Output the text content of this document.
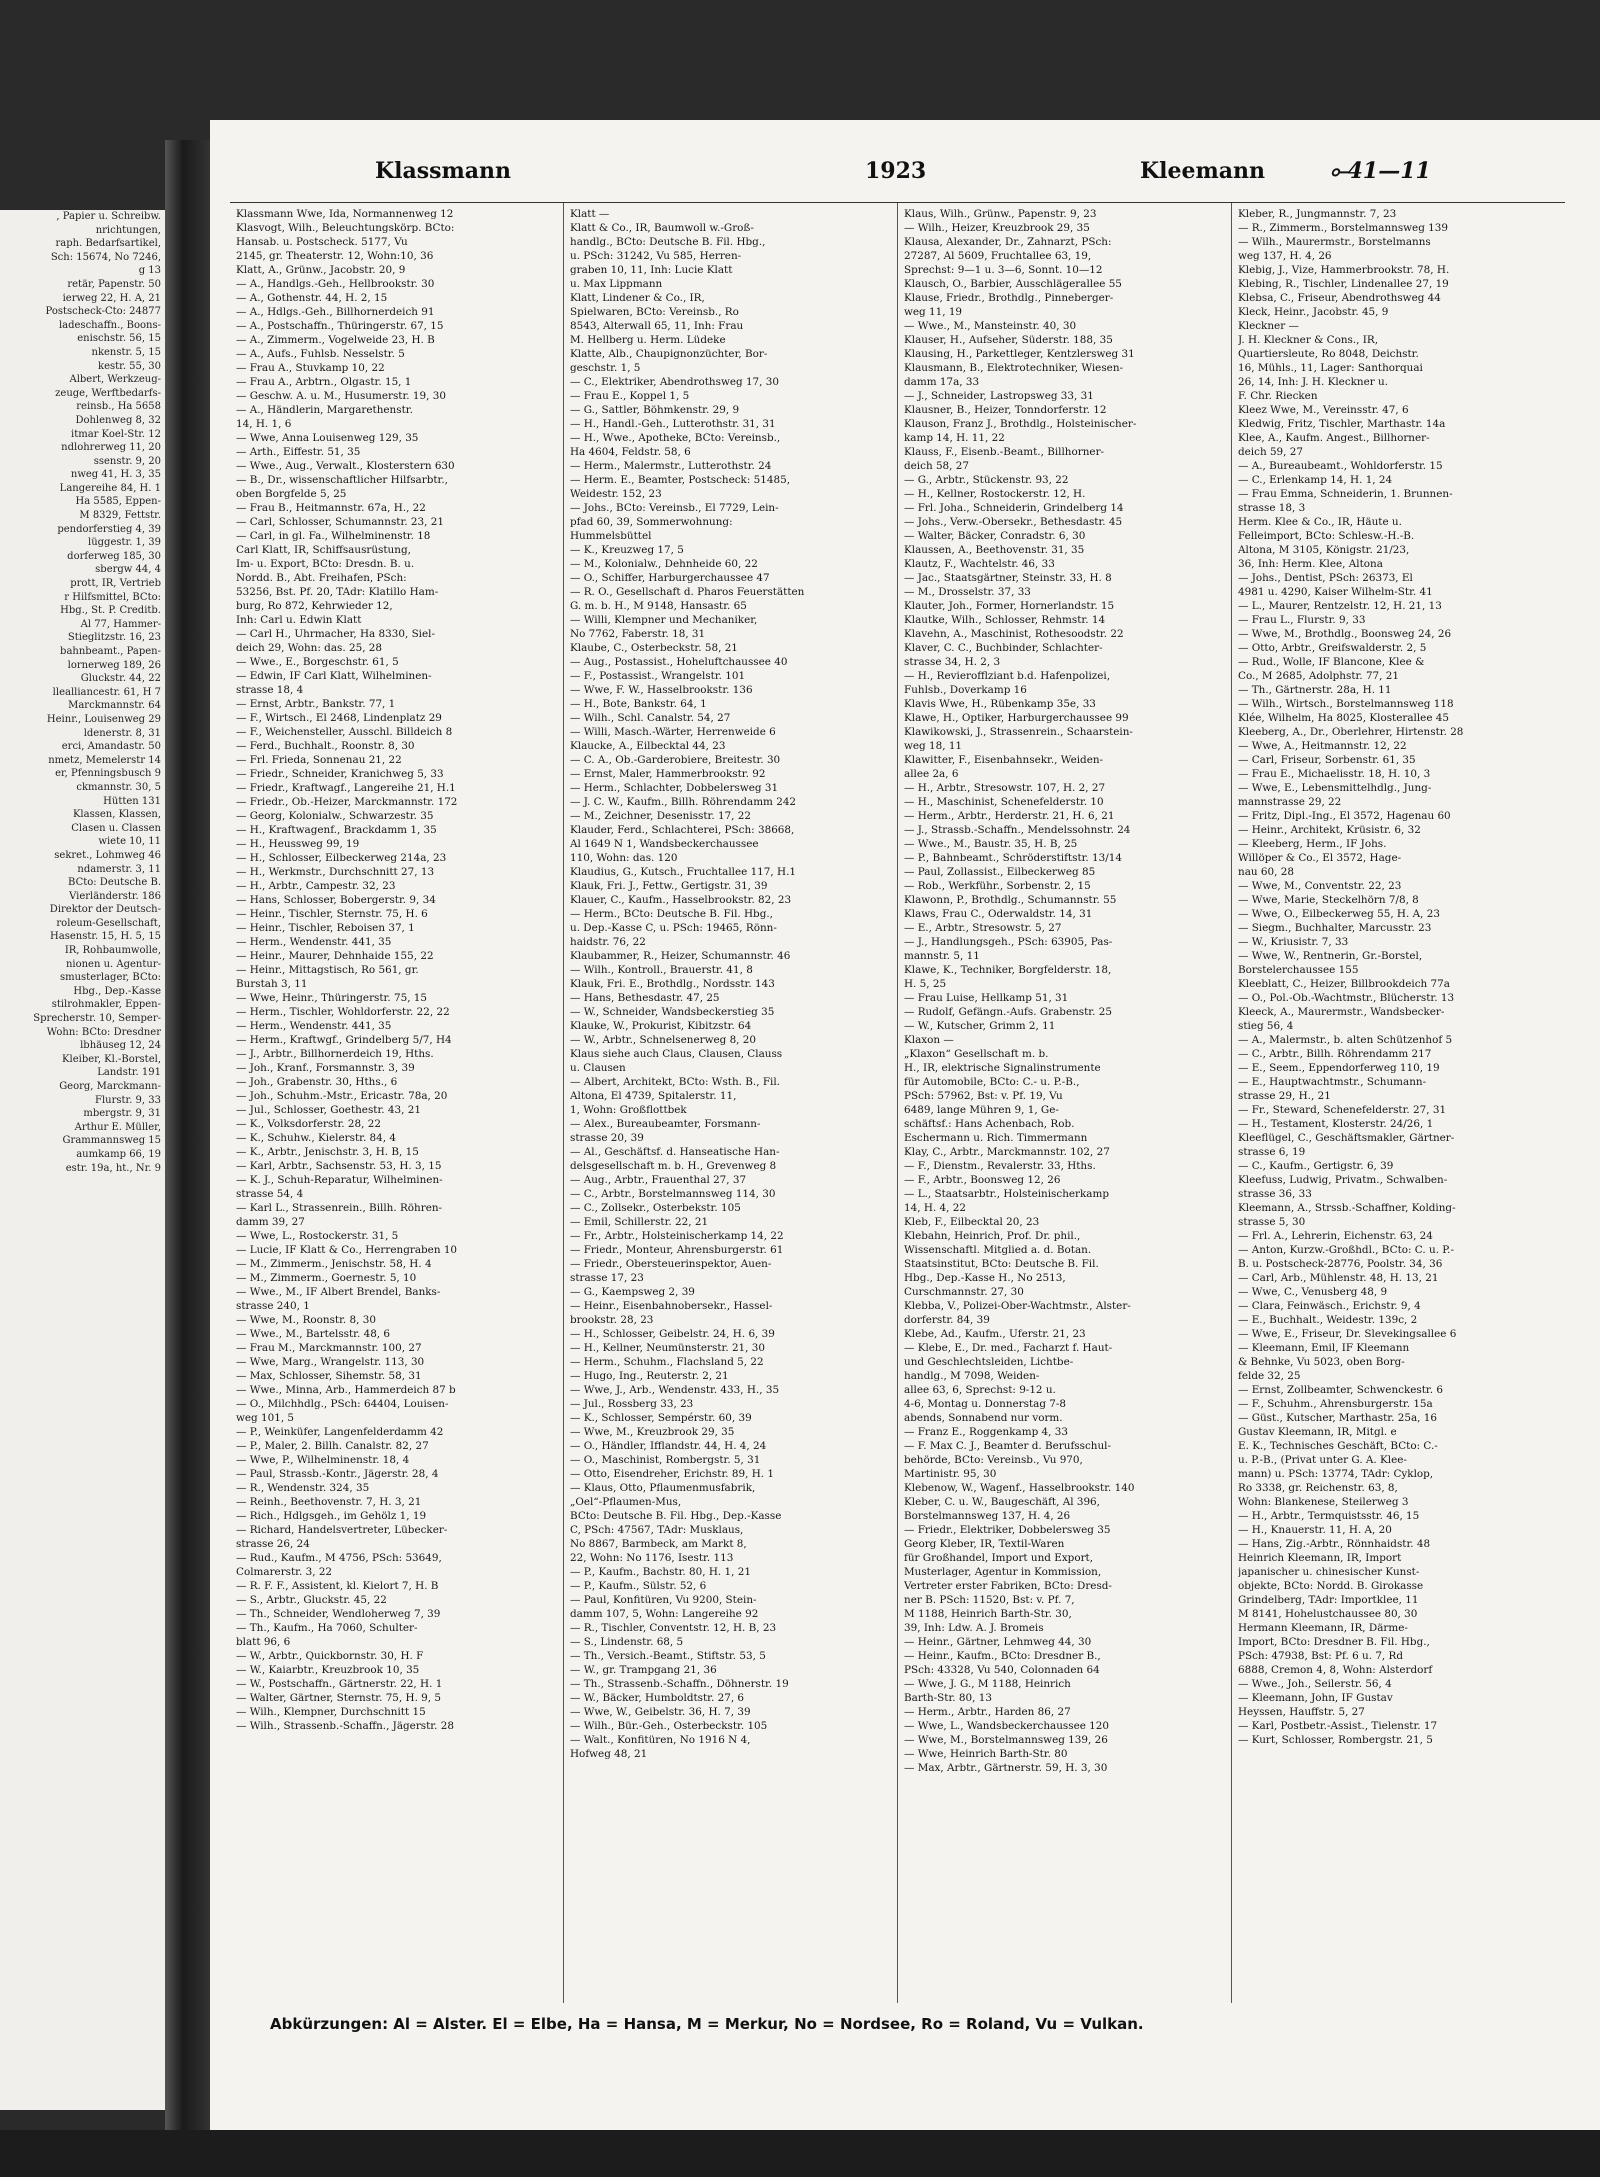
, Papier u. Schreibw.
nrichtungen,
raph. Bedarfsartikel,
Sch: 15674, No 7246,
g 13
retär, Papenstr. 50
ierweg 22, H. A, 21
Postscheck-Cto: 24877
ladeschaffn., Boons-
enischstr. 56, 15
nkenstr. 5, 15
kestr. 55, 30
Albert, Werkzeug-
zeuge, Werftbedarfs-
reinsb., Ha 5658
Dohlenweg 8, 32
itmar Koel-Str. 12
ndlohrerweg 11, 20
ssenstr. 9, 20
nweg 41, H. 3, 35
Langereihe 84, H. 1
Ha 5585, Eppen-
M 8329, Fettstr.
pendorferstieg 4, 39
lüggestr. 1, 39
dorferweg 185, 30
sbergw 44, 4
prott, IR, Vertrieb
r Hilfsmittel, BCto:
Hbg., St. P. Creditb.
Al 77, Hammer-
Stieglitzstr. 16, 23
bahnbeamt., Papen-
lornerweg 189, 26
Gluckstr. 44, 22
llealliancestr. 61, H 7
Marckmannstr. 64
Heinr., Louisenweg 29
ldenerstr. 8, 31
erci, Amandastr. 50
nmetz, Memelerstr 14
er, Pfenningsbusch 9
ckmannstr. 30, 5
Hütten 131
Klassen, Klassen,
Clasen u. Classen
wiete 10, 11
sekret., Lohmweg 46
ndamerstr. 3, 11
BCto: Deutsche B.
Vierländerstr. 186
Direktor der Deutsch-
roleum-Gesellschaft,
Hasenstr. 15, H. 5, 15
IR, Rohbaumwolle,
nionen u. Agentur-
smusterlager, BCto:
Hbg., Dep.-Kasse
stilrohmakler, Eppen-
Sprecherstr. 10, Semper-
Wohn: BCto: Dresdner
lbhäuseg 12, 24
Kleiber, Kl.-Borstel,
Landstr. 191
Georg, Marckmann-
Flurstr. 9, 33
mbergstr. 9, 31
Arthur E. Müller,
Grammannsweg 15
aumkamp 66, 19
estr. 19a, ht., Nr. 9
Klassmann	1923	Kleemann	⟜41—11
Klassmann Wwe, Ida, Normannenweg 12
Klasvogt, Wilh., Beleuchtungskörp. BCto:
Hansab. u. Postscheck. 5177, Vu
2145, gr. Theaterstr. 12, Wohn:10, 36
Klatt, A., Grünw., Jacobstr. 20, 9
— A., Handlgs.-Geh., Hellbrookstr. 30
— A., Gothenstr. 44, H. 2, 15
— A., Hdlgs.-Geh., Billhornerdeich 91
— A., Postschaffn., Thüringerstr. 67, 15
— A., Zimmerm., Vogelweide 23, H. B
— A., Aufs., Fuhlsb. Nesselstr. 5
— Frau A., Stuvkamp 10, 22
— Frau A., Arbtrn., Olgastr. 15, 1
— Geschw. A. u. M., Husumerstr. 19, 30
— A., Händlerin, Margarethenstr.
14, H. 1, 6
— Wwe, Anna Louisenweg 129, 35
— Arth., Eiffestr. 51, 35
— Wwe., Aug., Verwalt., Klosterstern 630
— B., Dr., wissenschaftlicher Hilfsarbtr.,
oben Borgfelde 5, 25
— Frau B., Heitmannstr. 67a, H., 22
— Carl, Schlosser, Schumannstr. 23, 21
— Carl, in gl. Fa., Wilhelminenstr. 18
Carl Klatt, IR, Schiffsausrüstung,
Im- u. Export, BCto: Dresdn. B. u.
Nordd. B., Abt. Freihafen, PSch:
53256, Bst. Pf. 20, TAdr: Klatillo Ham-
burg, Ro 872, Kehrwieder 12,
Inh: Carl u. Edwin Klatt
— Carl H., Uhrmacher, Ha 8330, Siel-
deich 29, Wohn: das. 25, 28
— Wwe., E., Borgeschstr. 61, 5
— Edwin, IF Carl Klatt, Wilhelminen-
strasse 18, 4
— Ernst, Arbtr., Bankstr. 77, 1
— F., Wirtsch., El 2468, Lindenplatz 29
— F., Weichensteller, Ausschl. Billdeich 8
— Ferd., Buchhalt., Roonstr. 8, 30
— Frl. Frieda, Sonnenau 21, 22
— Friedr., Schneider, Kranichweg 5, 33
— Friedr., Kraftwagf., Langereihe 21, H.1
— Friedr., Ob.-Heizer, Marckmannstr. 172
— Georg, Kolonialw., Schwarzestr. 35
— H., Kraftwagenf., Brackdamm 1, 35
— H., Heussweg 99, 19
— H., Schlosser, Eilbeckerweg 214a, 23
— H., Werkmstr., Durchschnitt 27, 13
— H., Arbtr., Campestr. 32, 23
— Hans, Schlosser, Bobergerstr. 9, 34
— Heinr., Tischler, Sternstr. 75, H. 6
— Heinr., Tischler, Reboisen 37, 1
— Herm., Wendenstr. 441, 35
— Heinr., Maurer, Dehnhaide 155, 22
— Heinr., Mittagstisch, Ro 561, gr.
Burstah 3, 11
— Wwe, Heinr., Thüringerstr. 75, 15
— Herm., Tischler, Wohldorferstr. 22, 22
— Herm., Wendenstr. 441, 35
— Herm., Kraftwgf., Grindelberg 5/7, H4
— J., Arbtr., Billhornerdeich 19, Hths.
— Joh., Kranf., Forsmannstr. 3, 39
— Joh., Grabenstr. 30, Hths., 6
— Joh., Schuhm.-Mstr., Ericastr. 78a, 20
— Jul., Schlosser, Goethestr. 43, 21
— K., Volksdorferstr. 28, 22
— K., Schuhw., Kielerstr. 84, 4
— K., Arbtr., Jenischstr. 3, H. B, 15
— Karl, Arbtr., Sachsenstr. 53, H. 3, 15
— K. J., Schuh-Reparatur, Wilhelminen-
strasse 54, 4
— Karl L., Strassenrein., Billh. Röhren-
damm 39, 27
— Wwe, L., Rostockerstr. 31, 5
— Lucie, IF Klatt & Co., Herrengraben 10
— M., Zimmerm., Jenischstr. 58, H. 4
— M., Zimmerm., Goernestr. 5, 10
— Wwe., M., IF Albert Brendel, Banks-
strasse 240, 1
— Wwe, M., Roonstr. 8, 30
— Wwe., M., Bartelsstr. 48, 6
— Frau M., Marckmannstr. 100, 27
— Wwe, Marg., Wrangelstr. 113, 30
— Max, Schlosser, Sihemstr. 58, 31
— Wwe., Minna, Arb., Hammerdeich 87 b
— O., Milchhdlg., PSch: 64404, Louisen-
weg 101, 5
— P., Weinküfer, Langenfelderdamm 42
— P., Maler, 2. Billh. Canalstr. 82, 27
— Wwe, P., Wilhelminenstr. 18, 4
— Paul, Strassb.-Kontr., Jägerstr. 28, 4
— R., Wendenstr. 324, 35
— Reinh., Beethovenstr. 7, H. 3, 21
— Rich., Hdlgsgeh., im Gehölz 1, 19
— Richard, Handelsvertreter, Lübecker-
strasse 26, 24
— Rud., Kaufm., M 4756, PSch: 53649,
Colmarerstr. 3, 22
— R. F. F., Assistent, kl. Kielort 7, H. B
— S., Arbtr., Gluckstr. 45, 22
— Th., Schneider, Wendloherweg 7, 39
— Th., Kaufm., Ha 7060, Schulter-
blatt 96, 6
— W., Arbtr., Quickbornstr. 30, H. F
— W., Kaiarbtr., Kreuzbrook 10, 35
— W., Postschaffn., Gärtnerstr. 22, H. 1
— Walter, Gärtner, Sternstr. 75, H. 9, 5
— Wilh., Klempner, Durchschnitt 15
— Wilh., Strassenb.-Schaffn., Jägerstr. 28
Klatt —
Klatt & Co., IR, Baumwoll w.-Groß-
handlg., BCto: Deutsche B. Fil. Hbg.,
u. PSch: 31242, Vu 585, Herren-
graben 10, 11, Inh: Lucie Klatt
u. Max Lippmann
Klatt, Lindener & Co., IR,
Spielwaren, BCto: Vereinsb., Ro
8543, Alterwall 65, 11, Inh: Frau
M. Hellberg u. Herm. Lüdeke
Klatte, Alb., Chaupignonzüchter, Bor-
geschstr. 1, 5
— C., Elektriker, Abendrothsweg 17, 30
— Frau E., Koppel 1, 5
— G., Sattler, Böhmkenstr. 29, 9
— H., Handl.-Geh., Lutterothstr. 31, 31
— H., Wwe., Apotheke, BCto: Vereinsb.,
Ha 4604, Feldstr. 58, 6
— Herm., Malermstr., Lutterothstr. 24
— Herm. E., Beamter, Postscheck: 51485,
Weidestr. 152, 23
— Johs., BCto: Vereinsb., El 7729, Lein-
pfad 60, 39, Sommerwohnung:
Hummelsbüttel
— K., Kreuzweg 17, 5
— M., Kolonialw., Dehnheide 60, 22
— O., Schiffer, Harburgerchaussee 47
— R. O., Gesellschaft d. Pharos Feuerstätten
G. m. b. H., M 9148, Hansastr. 65
— Willi, Klempner und Mechaniker,
No 7762, Faberstr. 18, 31
Klaube, C., Osterbeckstr. 58, 21
— Aug., Postassist., Hoheluftchaussee 40
— F., Postassist., Wrangelstr. 101
— Wwe, F. W., Hasselbrookstr. 136
— H., Bote, Bankstr. 64, 1
— Wilh., Schl. Canalstr. 54, 27
— Willi, Masch.-Wärter, Herrenweide 6
Klaucke, A., Eilbecktal 44, 23
— C. A., Ob.-Garderobiere, Breitestr. 30
— Ernst, Maler, Hammerbrookstr. 92
— Herm., Schlachter, Dobbelersweg 31
— J. C. W., Kaufm., Billh. Röhrendamm 242
— M., Zeichner, Desenisstr. 17, 22
Klauder, Ferd., Schlachterei, PSch: 38668,
Al 1649 N 1, Wandsbeckerchaussee
110, Wohn: das. 120
Klaudius, G., Kutsch., Fruchtallee 117, H.1
Klauk, Fri. J., Fettw., Gertigstr. 31, 39
Klauer, C., Kaufm., Hasselbrookstr. 82, 23
— Herm., BCto: Deutsche B. Fil. Hbg.,
u. Dep.-Kasse C, u. PSch: 19465, Rönn-
haidstr. 76, 22
Klaubammer, R., Heizer, Schumannstr. 46
— Wilh., Kontroll., Brauerstr. 41, 8
Klauk, Fri. E., Brothdlg., Nordsstr. 143
— Hans, Bethesdastr. 47, 25
— W., Schneider, Wandsbeckerstieg 35
Klauke, W., Prokurist, Kibitzstr. 64
— W., Arbtr., Schnelsenerweg 8, 20
Klaus siehe auch Claus, Clausen, Clauss
u. Clausen
— Albert, Architekt, BCto: Wsth. B., Fil.
Altona, El 4739, Spitalerstr. 11,
1, Wohn: Großflottbek
— Alex., Bureaubeamter, Forsmann-
strasse 20, 39
— Al., Geschäftsf. d. Hanseatische Han-
delsgesellschaft m. b. H., Grevenweg 8
— Aug., Arbtr., Frauenthal 27, 37
— C., Arbtr., Borstelmannsweg 114, 30
— C., Zollsekr., Osterbekstr. 105
— Emil, Schillerstr. 22, 21
— Fr., Arbtr., Holsteinischerkamp 14, 22
— Friedr., Monteur, Ahrensburgerstr. 61
— Friedr., Obersteuerinspektor, Auen-
strasse 17, 23
— G., Kaempsweg 2, 39
— Heinr., Eisenbahnobersekr., Hassel-
brookstr. 28, 23
— H., Schlosser, Geibelstr. 24, H. 6, 39
— H., Kellner, Neumünsterstr. 21, 30
— Herm., Schuhm., Flachsland 5, 22
— Hugo, Ing., Reuterstr. 2, 21
— Wwe, J., Arb., Wendenstr. 433, H., 35
— Jul., Rossberg 33, 23
— K., Schlosser, Sempérstr. 60, 39
— Wwe, M., Kreuzbrook 29, 35
— O., Händler, Ifflandstr. 44, H. 4, 24
— O., Maschinist, Rombergstr. 5, 31
— Otto, Eisendreher, Erichstr. 89, H. 1
— Klaus, Otto, Pflaumenmusfabrik,
„Oel“-Pflaumen-Mus,
BCto: Deutsche B. Fil. Hbg., Dep.-Kasse
C, PSch: 47567, TAdr: Musklaus,
No 8867, Barmbeck, am Markt 8,
22, Wohn: No 1176, Isestr. 113
— P., Kaufm., Bachstr. 80, H. 1, 21
— P., Kaufm., Sülstr. 52, 6
— Paul, Konfitüren, Vu 9200, Stein-
damm 107, 5, Wohn: Langereihe 92
— R., Tischler, Conventstr. 12, H. B, 23
— S., Lindenstr. 68, 5
— Th., Versich.-Beamt., Stiftstr. 53, 5
— W., gr. Trampgang 21, 36
— Th., Strassenb.-Schaffn., Döhnerstr. 19
— W., Bäcker, Humboldtstr. 27, 6
— Wwe, W., Geibelstr. 36, H. 7, 39
— Wilh., Bür.-Geh., Osterbeckstr. 105
— Walt., Konfitüren, No 1916 N 4,
Hofweg 48, 21
Klaus, Wilh., Grünw., Papenstr. 9, 23
— Wilh., Heizer, Kreuzbrook 29, 35
Klausa, Alexander, Dr., Zahnarzt, PSch:
27287, Al 5609, Fruchtallee 63, 19,
Sprechst: 9—1 u. 3—6, Sonnt. 10—12
Klausch, O., Barbier, Ausschlägerallee 55
Klause, Friedr., Brothdlg., Pinneberger-
weg 11, 19
— Wwe., M., Mansteinstr. 40, 30
Klauser, H., Aufseher, Süderstr. 188, 35
Klausing, H., Parkettleger, Kentzlersweg 31
Klausmann, B., Elektrotechniker, Wiesen-
damm 17a, 33
— J., Schneider, Lastropsweg 33, 31
Klausner, B., Heizer, Tonndorferstr. 12
Klauson, Franz J., Brothdlg., Holsteinischer-
kamp 14, H. 11, 22
Klauss, F., Eisenb.-Beamt., Billhorner-
deich 58, 27
— G., Arbtr., Stückenstr. 93, 22
— H., Kellner, Rostockerstr. 12, H.
— Frl. Joha., Schneiderin, Grindelberg 14
— Johs., Verw.-Obersekr., Bethesdastr. 45
— Walter, Bäcker, Conradstr. 6, 30
Klaussen, A., Beethovenstr. 31, 35
Klautz, F., Wachtelstr. 46, 33
— Jac., Staatsgärtner, Steinstr. 33, H. 8
— M., Drosselstr. 37, 33
Klauter, Joh., Former, Hornerlandstr. 15
Klautke, Wilh., Schlosser, Rehmstr. 14
Klavehn, A., Maschinist, Rothesoodstr. 22
Klaver, C. C., Buchbinder, Schlachter-
strasse 34, H. 2, 3
— H., Revierofflziant b.d. Hafenpolizei,
Fuhlsb., Doverkamp 16
Klavis Wwe, H., Rübenkamp 35e, 33
Klawe, H., Optiker, Harburgerchaussee 99
Klawikowski, J., Strassenrein., Schaarstein-
weg 18, 11
Klawitter, F., Eisenbahnsekr., Weiden-
allee 2a, 6
— H., Arbtr., Stresowstr. 107, H. 2, 27
— H., Maschinist, Schenefelderstr. 10
— Herm., Arbtr., Herderstr. 21, H. 6, 21
— J., Strassb.-Schaffn., Mendelssohnstr. 24
— Wwe., M., Baustr. 35, H. B, 25
— P., Bahnbeamt., Schröderstiftstr. 13/14
— Paul, Zollassist., Eilbeckerweg 85
— Rob., Werkführ., Sorbenstr. 2, 15
Klawonn, P., Brothdlg., Schumannstr. 55
Klaws, Frau C., Oderwaldstr. 14, 31
— E., Arbtr., Stresowstr. 5, 27
— J., Handlungsgeh., PSch: 63905, Pas-
mannstr. 5, 11
Klawe, K., Techniker, Borgfelderstr. 18,
H. 5, 25
— Frau Luise, Hellkamp 51, 31
— Rudolf, Gefängn.-Aufs. Grabenstr. 25
— W., Kutscher, Grimm 2, 11
Klaxon —
„Klaxon“ Gesellschaft m. b.
H., IR, elektrische Signalinstrumente
für Automobile, BCto: C.- u. P.-B.,
PSch: 57962, Bst: v. Pf. 19, Vu
6489, lange Mühren 9, 1, Ge-
schäftsf.: Hans Achenbach, Rob.
Eschermann u. Rich. Timmermann
Klay, C., Arbtr., Marckmannstr. 102, 27
— F., Dienstm., Revalerstr. 33, Hths.
— F., Arbtr., Boonsweg 12, 26
— L., Staatsarbtr., Holsteinischerkamp
14, H. 4, 22
Kleb, F., Eilbecktal 20, 23
Klebahn, Heinrich, Prof. Dr. phil.,
Wissenschaftl. Mitglied a. d. Botan.
Staatsinstitut, BCto: Deutsche B. Fil.
Hbg., Dep.-Kasse H., No 2513,
Curschmannstr. 27, 30
Klebba, V., Polizei-Ober-Wachtmstr., Alster-
dorferstr. 84, 39
Klebe, Ad., Kaufm., Uferstr. 21, 23
— Klebe, E., Dr. med., Facharzt f. Haut-
und Geschlechtsleiden, Lichtbe-
handlg., M 7098, Weiden-
allee 63, 6, Sprechst: 9-12 u.
4-6, Montag u. Donnerstag 7-8
abends, Sonnabend nur vorm.
— Franz E., Roggenkamp 4, 33
— F. Max C. J., Beamter d. Berufsschul-
behörde, BCto: Vereinsb., Vu 970,
Martinistr. 95, 30
Klebenow, W., Wagenf., Hasselbrookstr. 140
Kleber, C. u. W., Baugeschäft, Al 396,
Borstelmannsweg 137, H. 4, 26
— Friedr., Elektriker, Dobbelersweg 35
Georg Kleber, IR, Textil-Waren
für Großhandel, Import und Export,
Musterlager, Agentur in Kommission,
Vertreter erster Fabriken, BCto: Dresd-
ner B. PSch: 11520, Bst: v. Pf. 7,
M 1188, Heinrich Barth-Str. 30,
39, Inh: Ldw. A. J. Bromeis
— Heinr., Gärtner, Lehmweg 44, 30
— Heinr., Kaufm., BCto: Dresdner B.,
PSch: 43328, Vu 540, Colonnaden 64
— Wwe, J. G., M 1188, Heinrich
Barth-Str. 80, 13
— Herm., Arbtr., Harden 86, 27
— Wwe, L., Wandsbeckerchaussee 120
— Wwe, M., Borstelmannsweg 139, 26
— Wwe, Heinrich Barth-Str. 80
— Max, Arbtr., Gärtnerstr. 59, H. 3, 30
Kleber, R., Jungmannstr. 7, 23
— R., Zimmerm., Borstelmannsweg 139
— Wilh., Maurermstr., Borstelmanns
weg 137, H. 4, 26
Klebig, J., Vize, Hammerbrookstr. 78, H.
Klebing, R., Tischler, Lindenallee 27, 19
Klebsa, C., Friseur, Abendrothsweg 44
Kleck, Heinr., Jacobstr. 45, 9
Kleckner —
J. H. Kleckner & Cons., IR,
Quartiersleute, Ro 8048, Deichstr.
16, Mühls., 11, Lager: Santhorquai
26, 14, Inh: J. H. Kleckner u.
F. Chr. Riecken
Kleez Wwe, M., Vereinsstr. 47, 6
Kledwig, Fritz, Tischler, Marthastr. 14a
Klee, A., Kaufm. Angest., Billhorner-
deich 59, 27
— A., Bureaubeamt., Wohldorferstr. 15
— C., Erlenkamp 14, H. 1, 24
— Frau Emma, Schneiderin, 1. Brunnen-
strasse 18, 3
Herm. Klee & Co., IR, Häute u.
Felleimport, BCto: Schlesw.-H.-B.
Altona, M 3105, Königstr. 21/23,
36, Inh: Herm. Klee, Altona
— Johs., Dentist, PSch: 26373, El
4981 u. 4290, Kaiser Wilhelm-Str. 41
— L., Maurer, Rentzelstr. 12, H. 21, 13
— Frau L., Flurstr. 9, 33
— Wwe, M., Brothdlg., Boonsweg 24, 26
— Otto, Arbtr., Greifswalderstr. 2, 5
— Rud., Wolle, IF Blancone, Klee &
Co., M 2685, Adolphstr. 77, 21
— Th., Gärtnerstr. 28a, H. 11
— Wilh., Wirtsch., Borstelmannsweg 118
Klée, Wilhelm, Ha 8025, Klosterallee 45
Kleeberg, A., Dr., Oberlehrer, Hirtenstr. 28
— Wwe, A., Heitmannstr. 12, 22
— Carl, Friseur, Sorbenstr. 61, 35
— Frau E., Michaelisstr. 18, H. 10, 3
— Wwe, E., Lebensmittelhdlg., Jung-
mannstrasse 29, 22
— Fritz, Dipl.-Ing., El 3572, Hagenau 60
— Heinr., Architekt, Krüsistr. 6, 32
— Kleeberg, Herm., IF Johs.
Willöper & Co., El 3572, Hage-
nau 60, 28
— Wwe, M., Conventstr. 22, 23
— Wwe, Marie, Steckelhörn 7/8, 8
— Wwe, O., Eilbeckerweg 55, H. A, 23
— Siegm., Buchhalter, Marcusstr. 23
— W., Kriusistr. 7, 33
— Wwe, W., Rentnerin, Gr.-Borstel,
Borstelerchaussee 155
Kleeblatt, C., Heizer, Billbrookdeich 77a
— O., Pol.-Ob.-Wachtmstr., Blücherstr. 13
Kleeck, A., Maurermstr., Wandsbecker-
stieg 56, 4
— A., Malermstr., b. alten Schützenhof 5
— C., Arbtr., Billh. Röhrendamm 217
— E., Seem., Eppendorferweg 110, 19
— E., Hauptwachtmstr., Schumann-
strasse 29, H., 21
— Fr., Steward, Schenefelderstr. 27, 31
— H., Testament, Klosterstr. 24/26, 1
Kleeflügel, C., Geschäftsmakler, Gärtner-
strasse 6, 19
— C., Kaufm., Gertigstr. 6, 39
Kleefuss, Ludwig, Privatm., Schwalben-
strasse 36, 33
Kleemann, A., Strssb.-Schaffner, Kolding-
strasse 5, 30
— Frl. A., Lehrerin, Eichenstr. 63, 24
— Anton, Kurzw.-Großhdl., BCto: C. u. P.-
B. u. Postscheck-28776, Poolstr. 34, 36
— Carl, Arb., Mühlenstr. 48, H. 13, 21
— Wwe, C., Venusberg 48, 9
— Clara, Feinwäsch., Erichstr. 9, 4
— E., Buchhalt., Weidestr. 139c, 2
— Wwe, E., Friseur, Dr. Slevekingsallee 6
— Kleemann, Emil, IF Kleemann
& Behnke, Vu 5023, oben Borg-
felde 32, 25
— Ernst, Zollbeamter, Schwenckestr. 6
— F., Schuhm., Ahrensburgerstr. 15a
— Güst., Kutscher, Marthastr. 25a, 16
Gustav Kleemann, IR, Mitgl. e
E. K., Technisches Geschäft, BCto: C.-
u. P.-B., (Privat unter G. A. Klee-
mann) u. PSch: 13774, TAdr: Cyklop,
Ro 3338, gr. Reichenstr. 63, 8,
Wohn: Blankenese, Steilerweg 3
— H., Arbtr., Termquistsstr. 46, 15
— H., Knauerstr. 11, H. A, 20
— Hans, Zig.-Arbtr., Rönnhaidstr. 48
Heinrich Kleemann, IR, Import
japanischer u. chinesischer Kunst-
objekte, BCto: Nordd. B. Girokasse
Grindelberg, TAdr: Importklee, 11
M 8141, Hohelustchaussee 80, 30
Hermann Kleemann, IR, Därme-
Import, BCto: Dresdner B. Fil. Hbg.,
PSch: 47938, Bst: Pf. 6 u. 7, Rd
6888, Cremon 4, 8, Wohn: Alsterdorf
— Wwe., Joh., Seilerstr. 56, 4
— Kleemann, John, IF Gustav
Heyssen, Hauffstr. 5, 27
— Karl, Postbetr.-Assist., Tielenstr. 17
— Kurt, Schlosser, Rombergstr. 21, 5
Abkürzungen: Al = Alster. El = Elbe, Ha = Hansa, M = Merkur, No = Nordsee, Ro = Roland, Vu = Vulkan.
